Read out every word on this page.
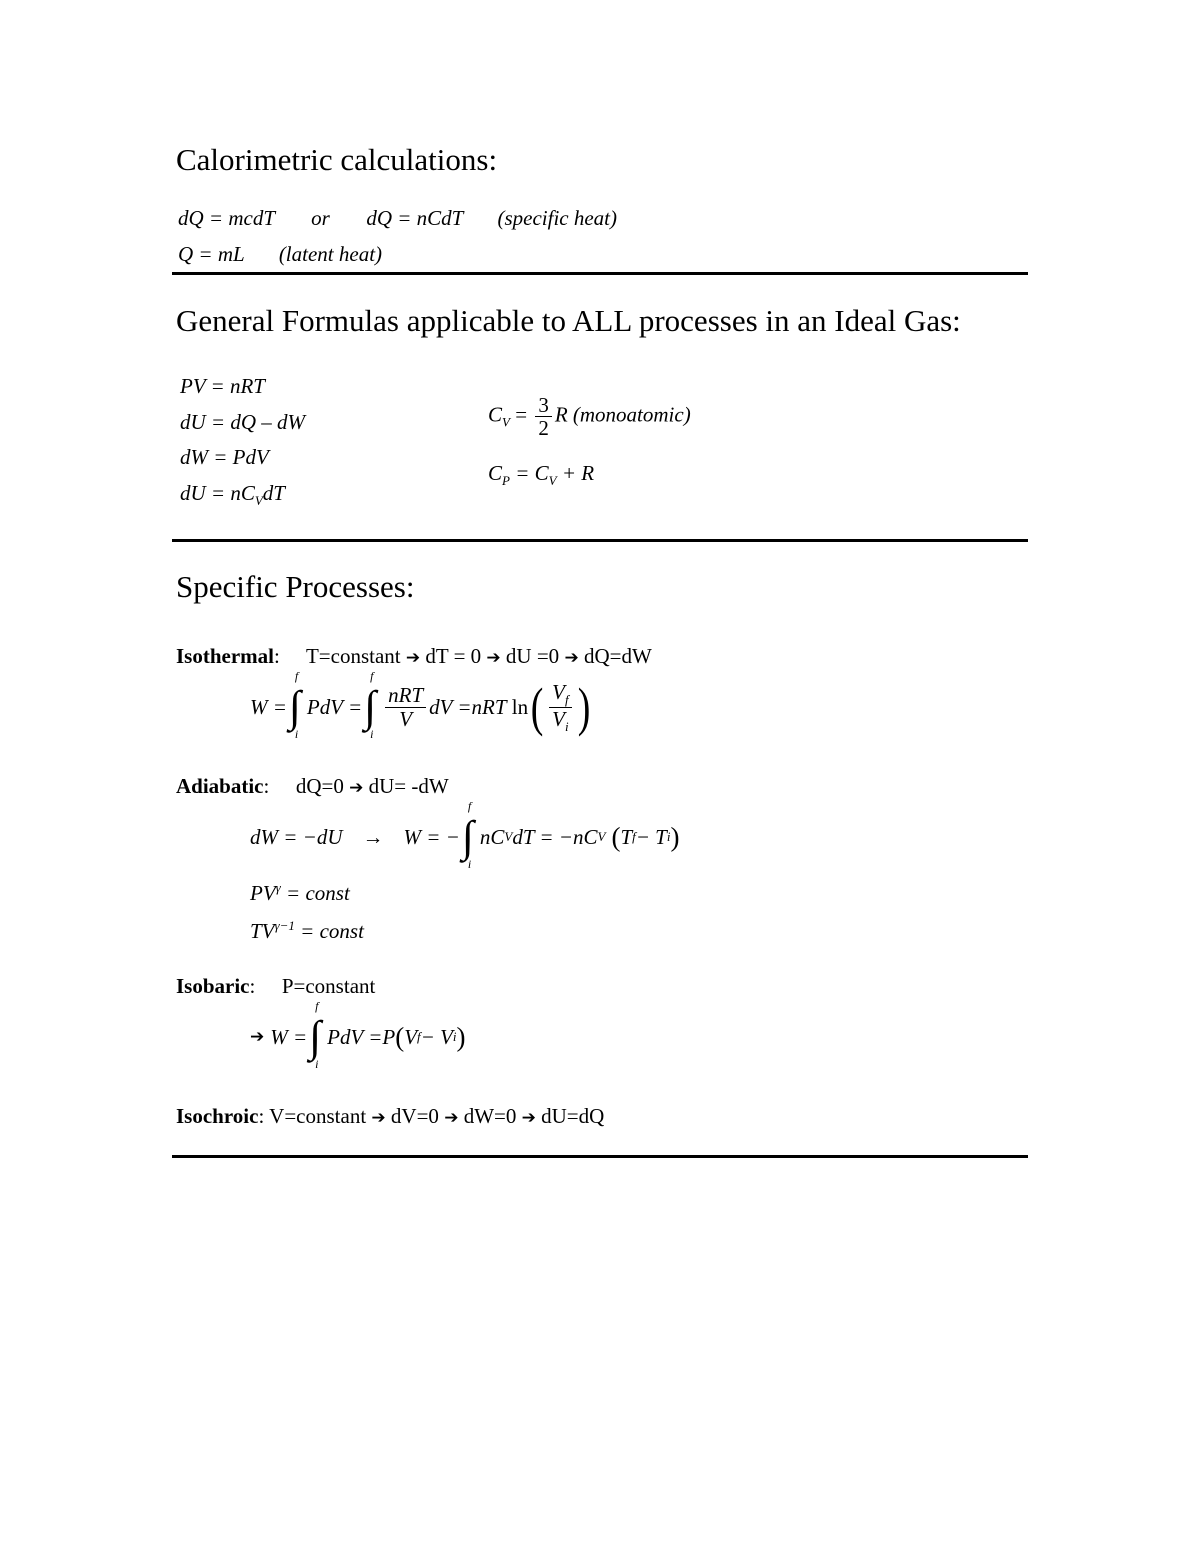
Calorimetric calculations:
dQ = mcdT or dQ = nCdT (specific heat)
Q = mL (latent heat)
General Formulas applicable to ALL processes in an Ideal Gas:
PV = nRT
dU = dQ – dW
dW = PdV
dU = $nC_VdT$
$C_V = \frac{3}{2}$ R (monoatomic)
$C_P = C_V + R$
Specific Processes:
Isothermal: T=constant ➔ dT = 0 ➔ dU =0 ➔ dQ=dW
W =
f
∫
i
PdV =
f
∫
i
$\frac{\text{nRT}}{V}$ dV =nRT
ln ( $\frac{V_f}{V_i}$ )
Adiabatic: dQ=0 ➔ dU= -dW
dW = −dU → W = −
f
∫
i
nC V dT = −nC V ( T f − T i )
$PV^\gamma$ = const
$TV^{\gamma-1}$ = const
Isobaric: P=constant
➔ W =
f
∫
i
PdV =P ( V f − V i )
Isochroic: V=constant ➔ dV=0 ➔ dW=0 ➔ dU=dQ
